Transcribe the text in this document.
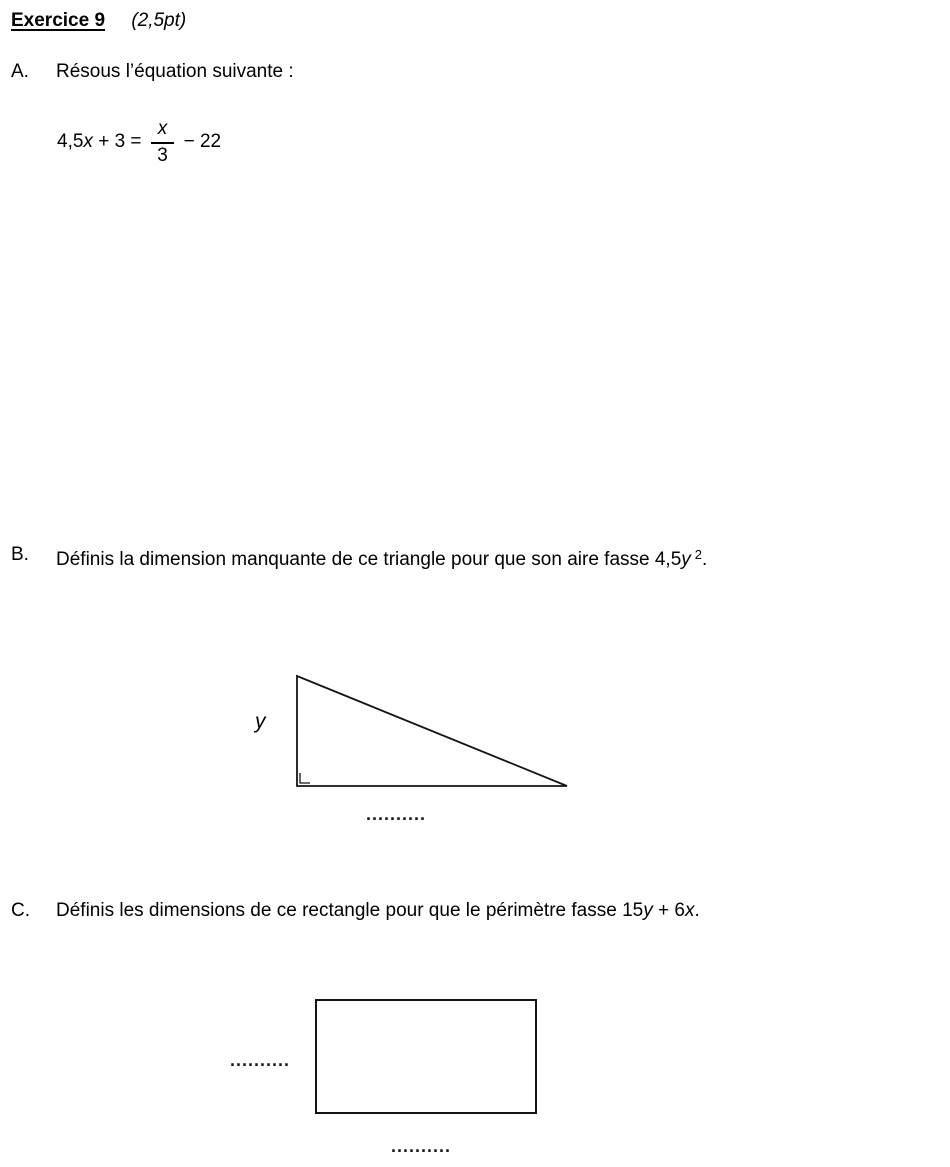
Exercice 9 (2,5pt)
A.	Résous l’équation suivante :
4,5 $x + 3 = \frac{x}{3} - 22$
B.	Définis la dimension manquante de ce triangle pour que son aire fasse 4,5y $^2$.
y
..........
C.	Définis les dimensions de ce rectangle pour que le périmètre fasse 15y + 6x.
..........
..........
